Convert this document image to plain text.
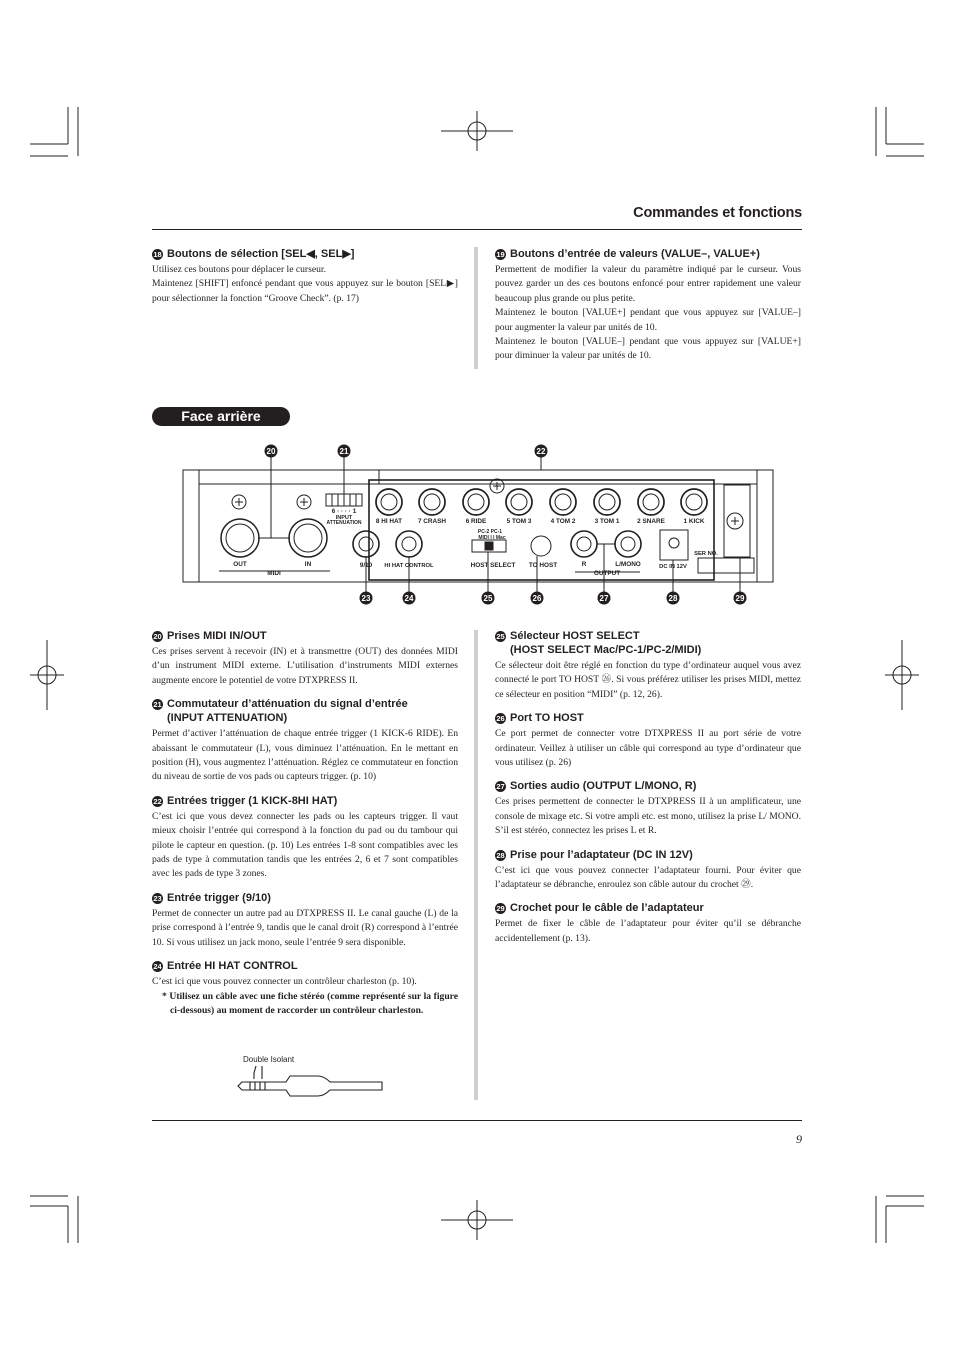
Commandes et fonctions
18 Boutons de sélection [SEL◀, SEL▶]

Utilisez ces boutons pour déplacer le curseur.

Maintenez [SHIFT] enfoncé pendant que vous appuyez sur le bouton [SEL▶] pour sélectionner la fonction “Groove Check”. (p. 17)

19 Boutons d’entrée de valeurs (VALUE–, VALUE+)

Permettent de modifier la valeur du paramètre indiqué par le curseur. Vous pouvez garder un des ces boutons enfoncé pour entrer rapidement une valeur beaucoup plus grande ou plus petite.

Maintenez le bouton [VALUE+] pendant que vous appuyez sur [VALUE–] pour augmenter la valeur par unités de 10.

Maintenez le bouton [VALUE–] pendant que vous appuyez sur [VALUE+] pour diminuer la valeur par unités de 10.

Face arrière
OUT	IN
MIDI
6 · · · · 1
INPUT
ATTENUATION 8 HI HAT 7 CRASH	6 RIDE	5 TOM 3	4 TOM 2	3 TOM 1	2 SNARE	1 KICK
9/10 HI HAT CONTROL
PC-2 PC-1
MIDI I I Mac
HOST SELECT TO HOST	R	L/MONO
OUTPUT
DC IN 12V
SER NO.
20	21	22
23	24	25	26	27	28	29
20 Prises MIDI IN/OUT

Ces prises servent à recevoir (IN) et à transmettre (OUT) des données MIDI d’un instrument MIDI externe. L’utilisation d’instruments MIDI externes augmente encore le potentiel de votre DTXPRESS II.

21 Commutateur d’atténuation du signal d’entrée
(INPUT ATTENUATION)

Permet d’activer l’atténuation de chaque entrée trigger (1 KICK-6 RIDE). En abaissant le commutateur (L), vous diminuez l’atténuation. En le mettant en position (H), vous augmentez l’atténuation. Réglez ce commutateur en fonction du niveau de sortie de vos pads ou capteurs trigger. (p. 10)

22 Entrées trigger (1 KICK-8HI HAT)

C’est ici que vous devez connecter les pads ou les capteurs trigger. Il vaut mieux choisir l’entrée qui correspond à la fonction du pad ou du tambour qui pilote le capteur en question. (p. 10) Les entrées 1-8 sont compatibles avec les pads de type à commutation tandis que les entrées 2, 6 et 7 sont compatibles avec les pads de type 3 zones.

23 Entrée trigger (9/10)

Permet de connecter un autre pad au DTXPRESS II. Le canal gauche (L) de la prise correspond à l’entrée 9, tandis que le canal droit (R) correspond à l’entrée 10. Si vous utilisez un jack mono, seule l’entrée 9 sera disponible.

24 Entrée HI HAT CONTROL

C’est ici que vous pouvez connecter un contrôleur charleston (p. 10).

* Utilisez un câble avec une fiche stéréo (comme représenté sur la figure ci-dessous) au moment de raccorder un contrôleur charleston.

Double Isolant
25 Sélecteur HOST SELECT
(HOST SELECT Mac/PC-1/PC-2/MIDI)

Ce sélecteur doit être réglé en fonction du type d’ordinateur auquel vous avez connecté le port TO HOST ㉖. Si vous préférez utiliser les prises MIDI, mettez ce sélecteur en position “MIDI” (p. 12, 26).

26 Port TO HOST

Ce port permet de connecter votre DTXPRESS II au port série de votre ordinateur. Veillez à utiliser un câble qui correspond au type d’ordinateur que vous utilisez (p. 26)

27 Sorties audio (OUTPUT L/MONO, R)

Ces prises permettent de connecter le DTXPRESS II à un amplificateur, une console de mixage etc. Si votre ampli etc. est mono, utilisez la prise L/ MONO. S’il est stéréo, connectez les prises L et R.

28 Prise pour l’adaptateur (DC IN 12V)

C’est ici que vous pouvez connecter l’adaptateur fourni. Pour éviter que l’adaptateur se débranche, enroulez son câble autour du crochet ㉙.

29 Crochet pour le câble de l’adaptateur

Permet de fixer le câble de l’adaptateur pour éviter qu’il se débranche accidentellement (p. 13).

9
